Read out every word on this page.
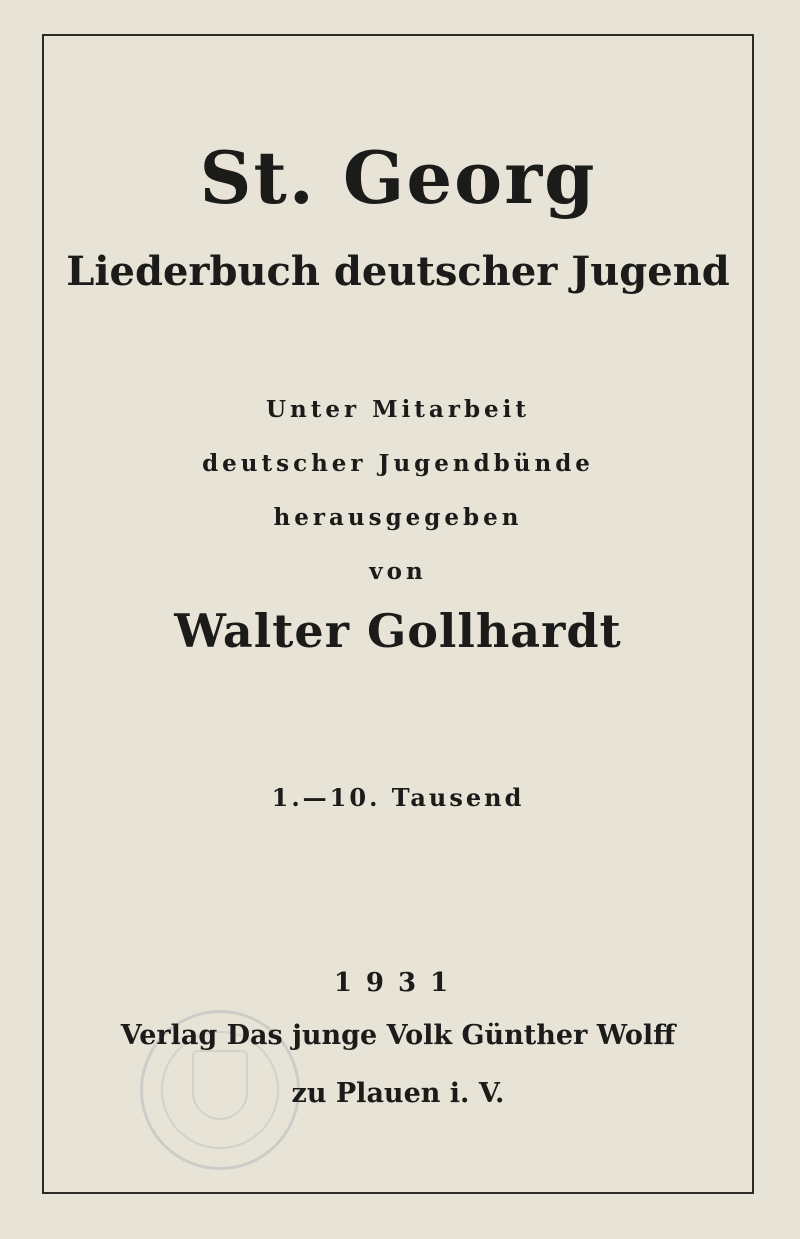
St. Georg
Liederbuch deutscher Jugend
Unter Mitarbeit
deutscher Jugendbünde
herausgegeben
von
Walter Gollhardt
1.—10. Tausend
1931
Verlag Das junge Volk Günther Wolff
zu Plauen i. V.
